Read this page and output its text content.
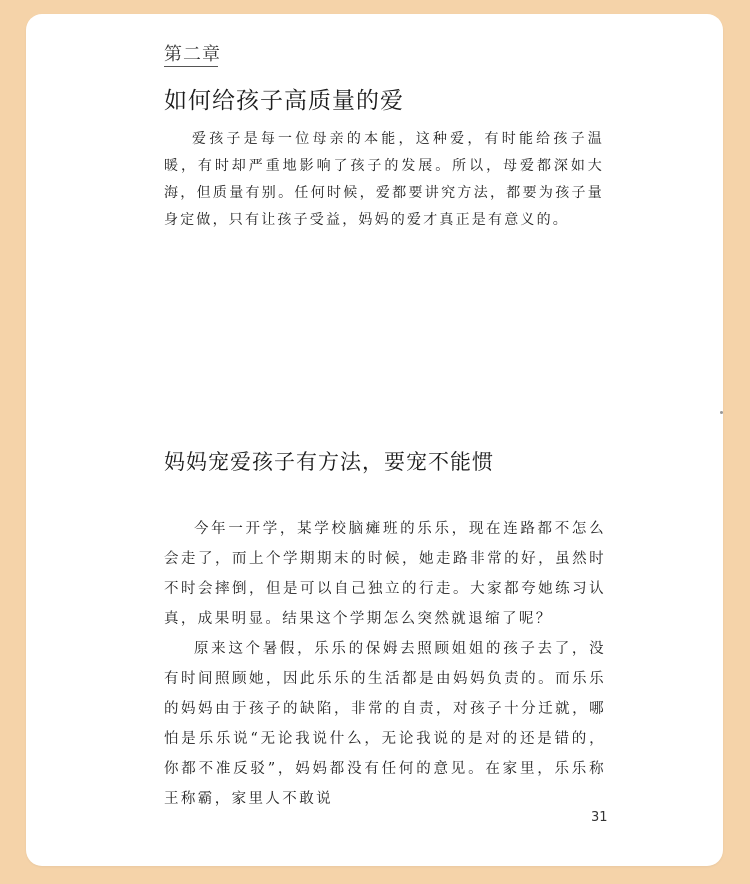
第二章
如何给孩子高质量的爱
爱孩子是每一位母亲的本能，这种爱，有时能给孩子温暖，有时却严重地影响了孩子的发展。所以，母爱都深如大海，但质量有别。任何时候，爱都要讲究方法，都要为孩子量身定做，只有让孩子受益，妈妈的爱才真正是有意义的。
妈妈宠爱孩子有方法，要宠不能惯

今年一开学，某学校脑瘫班的乐乐，现在连路都不怎么会走了，而上个学期期末的时候，她走路非常的好，虽然时不时会摔倒，但是可以自己独立的行走。大家都夸她练习认真，成果明显。结果这个学期怎么突然就退缩了呢？

原来这个暑假，乐乐的保姆去照顾姐姐的孩子去了，没有时间照顾她，因此乐乐的生活都是由妈妈负责的。而乐乐的妈妈由于孩子的缺陷，非常的自责，对孩子十分迁就，哪怕是乐乐说“无论我说什么，无论我说的是对的还是错的，你都不准反驳”，妈妈都没有任何的意见。在家里，乐乐称王称霸，家里人不敢说

31
